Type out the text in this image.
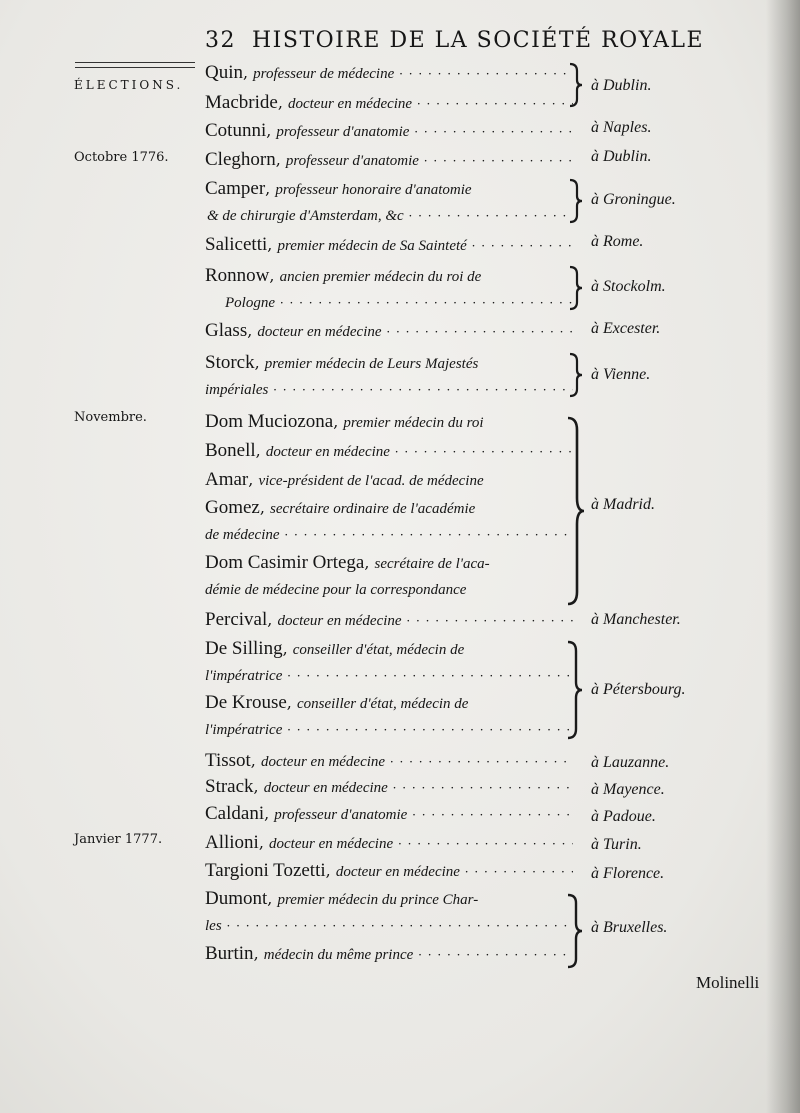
32 HISTOIRE DE LA SOCIÉTÉ ROYALE
ÉLECTIONS.
Octobre 1776.
Novembre.
Janvier 1777.
Quin, professeur de médecine · · ·
Macbride, docteur en médecine · · ·
Cotunni, professeur d'anatomie · · ·
Cleghorn, professeur d'anatomie · · ·
Camper, professeur honoraire d'anatomie
& de chirurgie d'Amsterdam, &c · · ·
Salicetti, premier médecin de Sa Sainteté · · ·
Ronnow, ancien premier médecin du roi de
Pologne · · ·
Glass, docteur en médecine · · ·
Storck, premier médecin de Leurs Majestés
impériales · · ·
Dom Muciozona, premier médecin du roi
Bonell, docteur en médecine · · ·
Amar, vice-président de l'acad. de médecine
Gomez, secrétaire ordinaire de l'académie
de médecine · · ·
Dom Casimir Ortega, secrétaire de l'aca-
démie de médecine pour la correspondance
Percival, docteur en médecine · · ·
De Silling, conseiller d'état, médecin de
l'impératrice · · ·
De Krouse, conseiller d'état, médecin de
l'impératrice · · ·
Tissot, docteur en médecine · · ·
Strack, docteur en médecine · · ·
Caldani, professeur d'anatomie · · ·
Allioni, docteur en médecine · · ·
Targioni Tozetti, docteur en médecine · · ·
Dumont, premier médecin du prince Char-
les · · ·
Burtin, médecin du même prince · · ·
à Dublin.
à Naples.
à Dublin.
à Groningue.
à Rome.
à Stockolm.
à Excester.
à Vienne.
à Madrid.
à Manchester.
à Pétersbourg.
à Lauzanne.
à Mayence.
à Padoue.
à Turin.
à Florence.
à Bruxelles.
Molinelli
